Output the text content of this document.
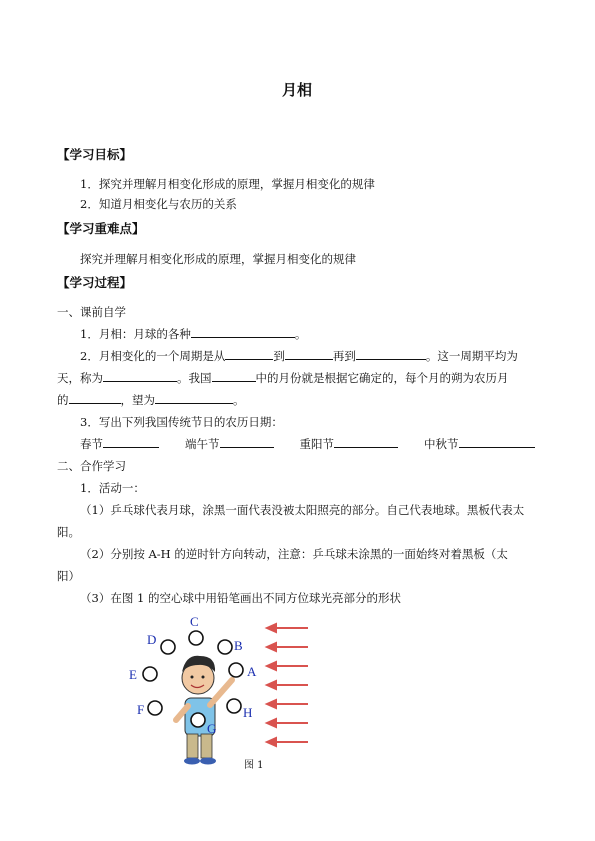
月相
【学习目标】
1．探究并理解月相变化形成的原理，掌握月相变化的规律
2．知道月相变化与农历的关系
【学习重难点】
探究并理解月相变化形成的原理，掌握月相变化的规律
【学习过程】
一、课前自学
1．月相：月球的各种	。
2．月相变化的一个周期是从	到	再到	。这一周期平均为
天，称为	。我国	中的月份就是根据它确定的，每个月的朔为农历月
的	，望为	。
3．写出下列我国传统节日的农历日期：
春节	端午节	重阳节	中秋节
二、合作学习
1．活动一：
（1）乒乓球代表月球，涂黑一面代表没被太阳照亮的部分。自己代表地球。黑板代表太
阳。
（2）分别按 A-H 的逆时针方向转动，注意：乒乓球未涂黑的一面始终对着黑板（太
阳）
（3）在图 1 的空心球中用铅笔画出不同方位球光亮部分的形状
A
B
C
D
E
F
G
H
图 1
